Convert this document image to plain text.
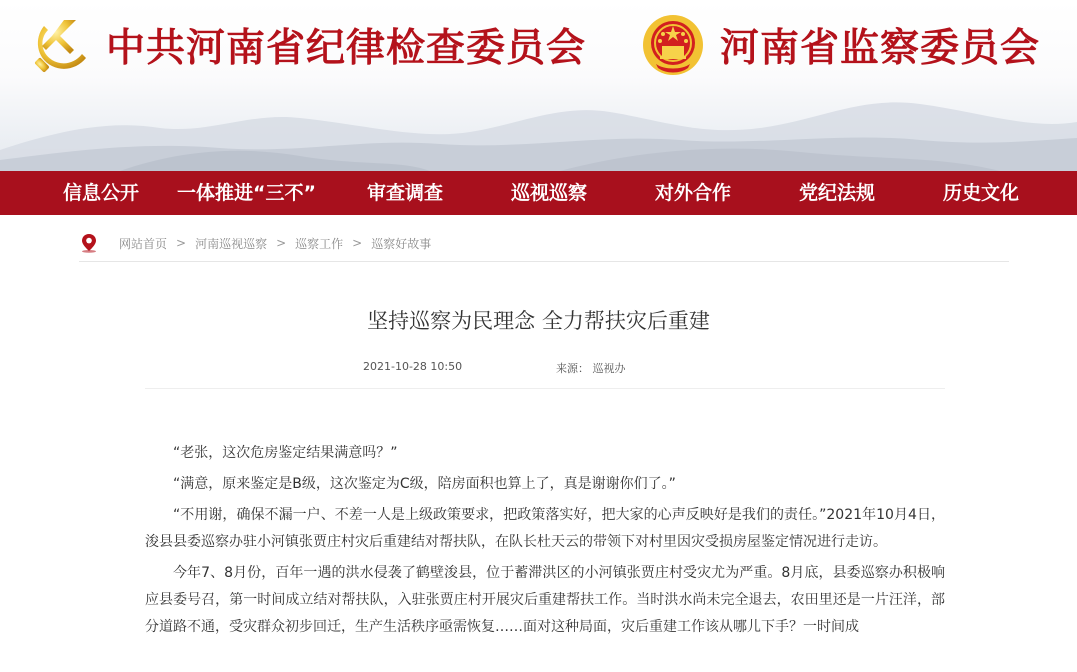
中共河南省纪律检查委员会	河南省监察委员会
信息公开 一体推进“三不”	审查调查	巡视巡察	对外合作	党纪法规	历史文化
网站首页 > 河南巡视巡察 > 巡察工作 > 巡察好故事
坚持巡察为民理念 全力帮扶灾后重建
2021-10-28 10:50	来源： 巡视办

“老张，这次危房鉴定结果满意吗？”

“满意，原来鉴定是B级，这次鉴定为C级，陪房面积也算上了，真是谢谢你们了。”

“不用谢，确保不漏一户、不差一人是上级政策要求，把政策落实好，把大家的心声反映好是我们的责任。”2021年10月4日，浚县县委巡察办驻小河镇张贾庄村灾后重建结对帮扶队，在队长杜天云的带领下对村里因灾受损房屋鉴定情况进行走访。

今年7、8月份，百年一遇的洪水侵袭了鹤壁浚县，位于蓄滞洪区的小河镇张贾庄村受灾尤为严重。8月底，县委巡察办积极响应县委号召，第一时间成立结对帮扶队，入驻张贾庄村开展灾后重建帮扶工作。当时洪水尚未完全退去，农田里还是一片汪洋，部分道路不通，受灾群众初步回迁，生产生活秩序亟需恢复……面对这种局面，灾后重建工作该从哪儿下手？一时间成
